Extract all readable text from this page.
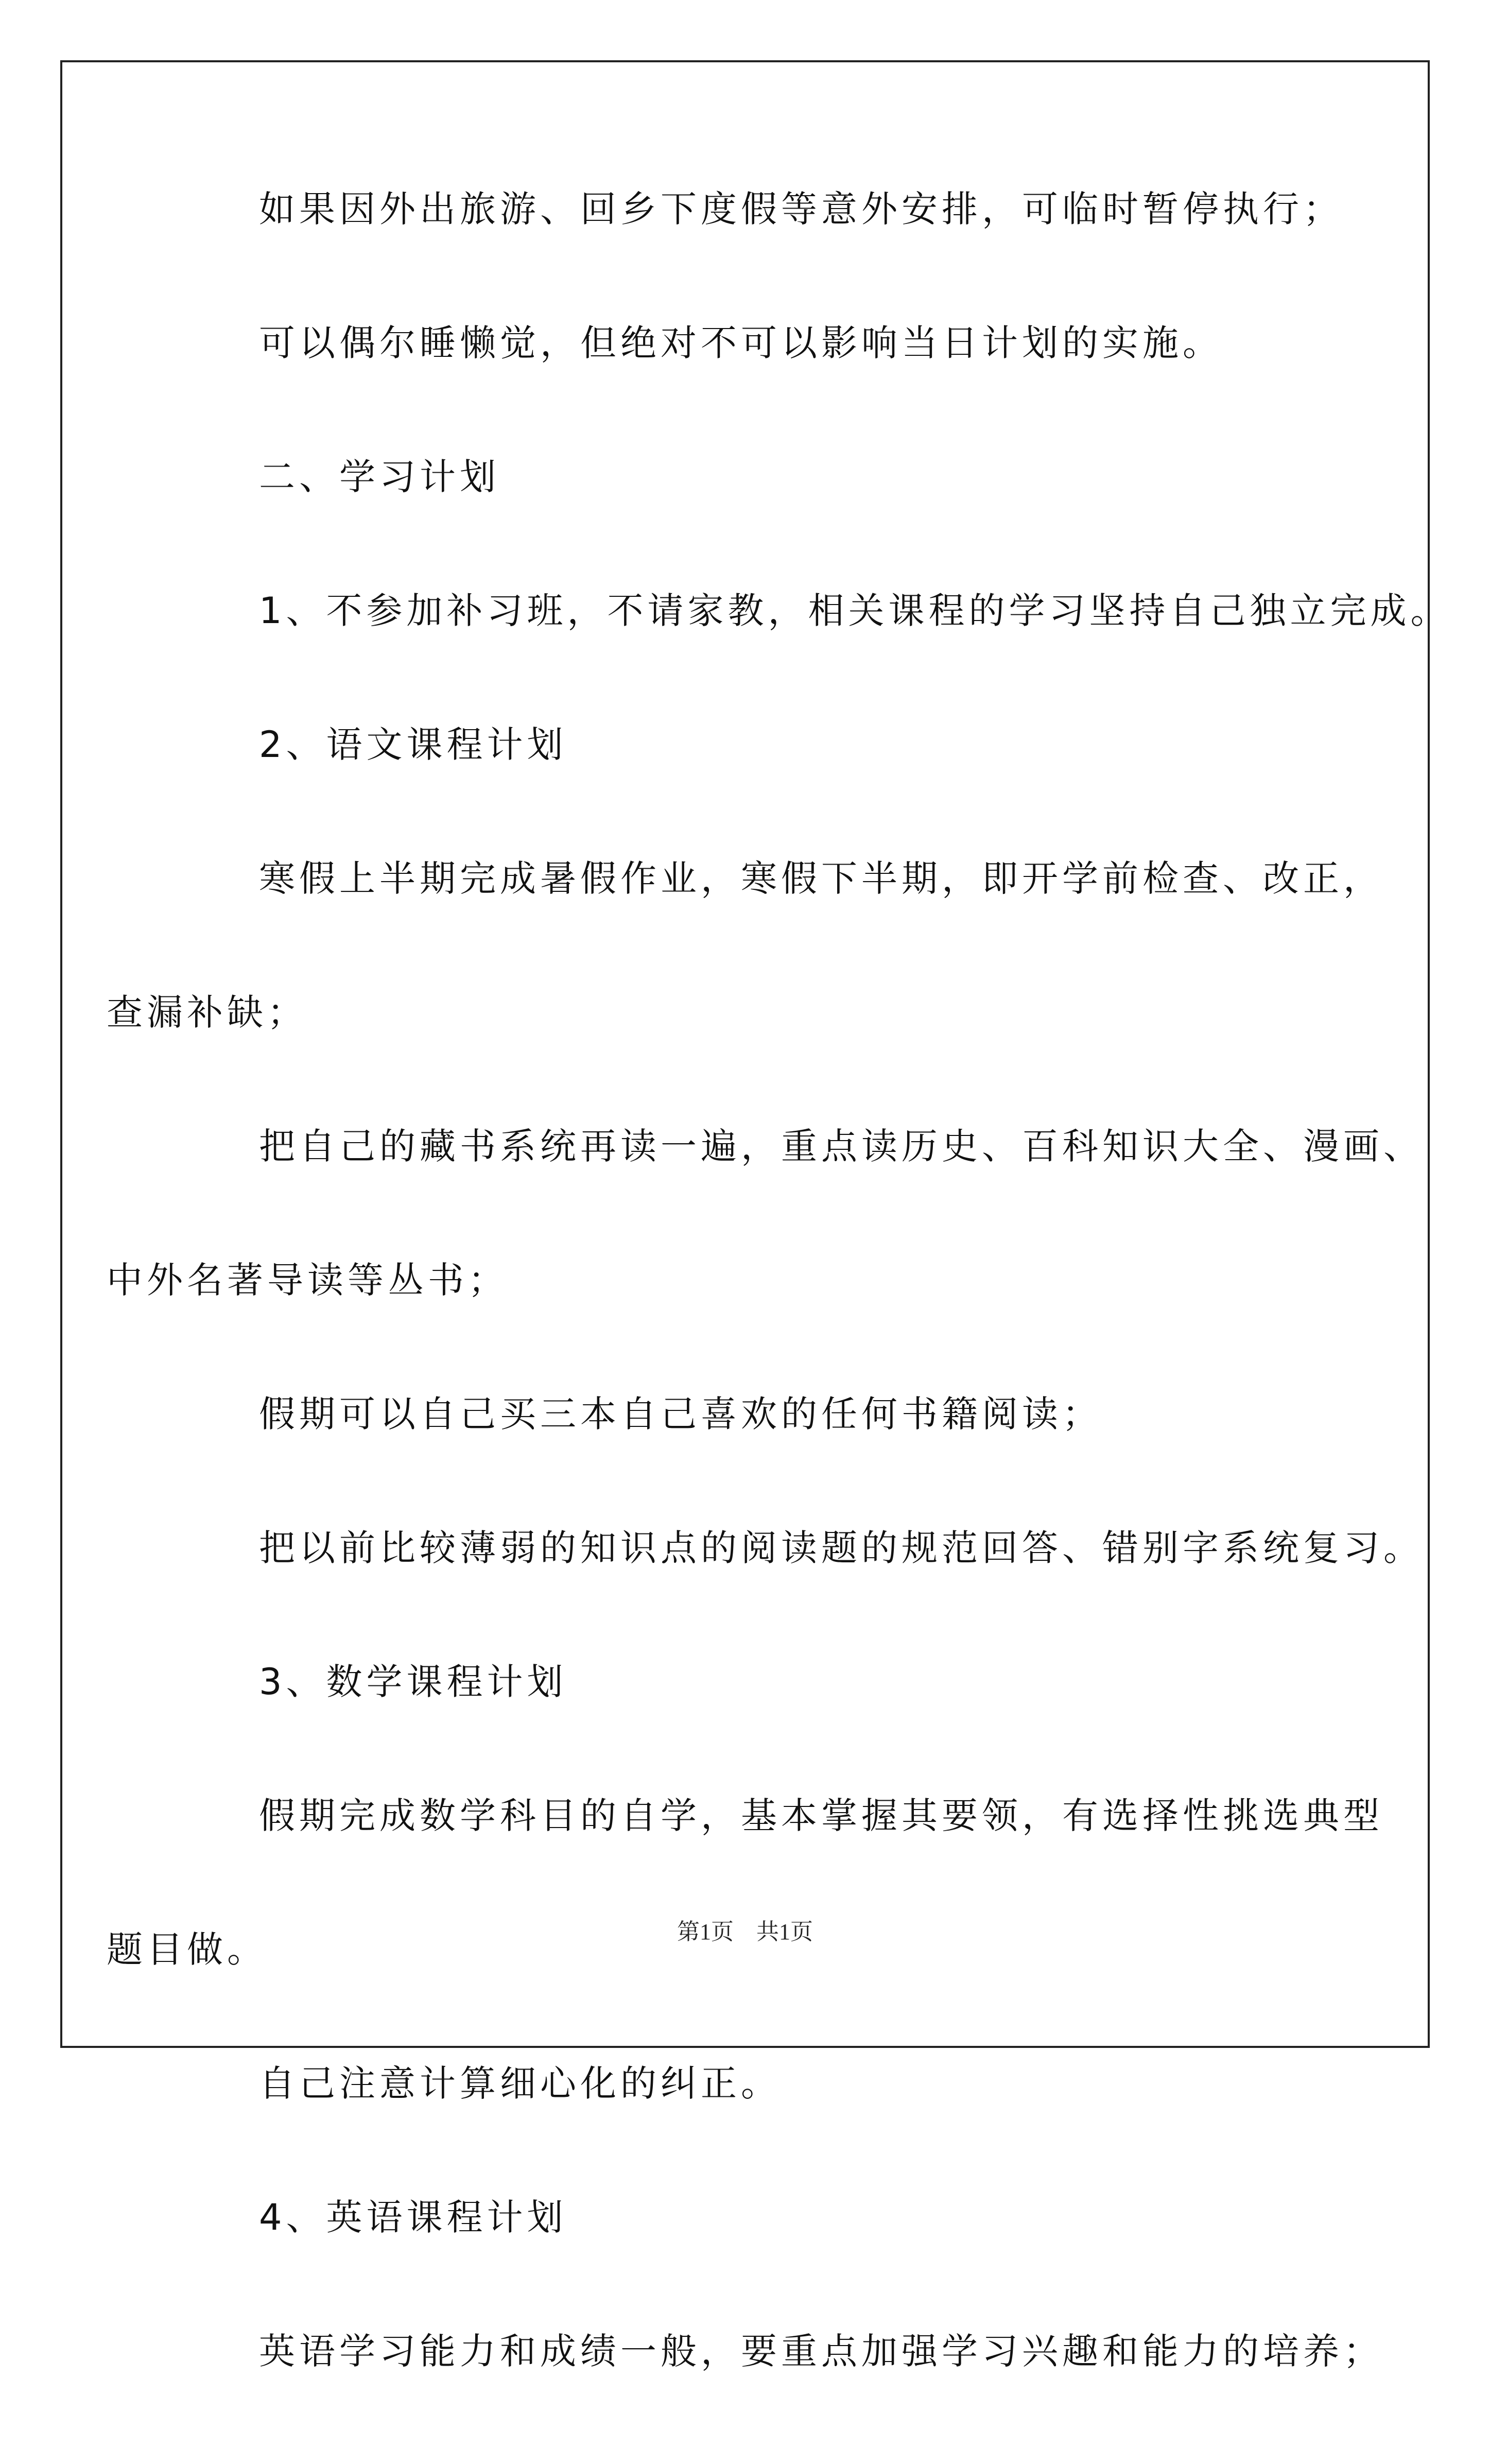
如果因外出旅游、回乡下度假等意外安排，可临时暂停执行；

可以偶尔睡懒觉，但绝对不可以影响当日计划的实施。

二、学习计划

1、不参加补习班，不请家教，相关课程的学习坚持自己独立完成。

2、语文课程计划

寒假上半期完成暑假作业，寒假下半期，即开学前检查、改正，
查漏补缺；

把自己的藏书系统再读一遍，重点读历史、百科知识大全、漫画、
中外名著导读等丛书；

假期可以自己买三本自己喜欢的任何书籍阅读；

把以前比较薄弱的知识点的阅读题的规范回答、错别字系统复习。

3、数学课程计划

假期完成数学科目的自学，基本掌握其要领，有选择性挑选典型
题目做。

自己注意计算细心化的纠正。

4、英语课程计划

英语学习能力和成绩一般，要重点加强学习兴趣和能力的培养；

第1页　共1页
